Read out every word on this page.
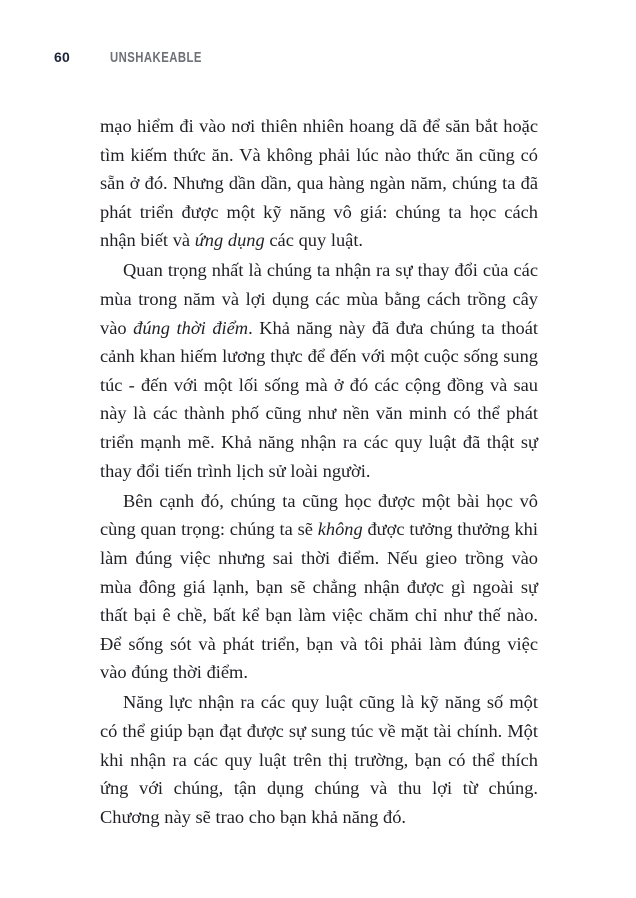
60	UNSHAKEABLE

mạo hiểm đi vào nơi thiên nhiên hoang dã để săn bắt hoặc tìm kiếm thức ăn. Và không phải lúc nào thức ăn cũng có sẵn ở đó. Nhưng dần dần, qua hàng ngàn năm, chúng ta đã phát triển được một kỹ năng vô giá: chúng ta học cách nhận biết và ứng dụng các quy luật.

Quan trọng nhất là chúng ta nhận ra sự thay đổi của các mùa trong năm và lợi dụng các mùa bằng cách trồng cây vào đúng thời điểm. Khả năng này đã đưa chúng ta thoát cảnh khan hiếm lương thực để đến với một cuộc sống sung túc - đến với một lối sống mà ở đó các cộng đồng và sau này là các thành phố cũng như nền văn minh có thể phát triển mạnh mẽ. Khả năng nhận ra các quy luật đã thật sự thay đổi tiến trình lịch sử loài người.

Bên cạnh đó, chúng ta cũng học được một bài học vô cùng quan trọng: chúng ta sẽ không được tưởng thưởng khi làm đúng việc nhưng sai thời điểm. Nếu gieo trồng vào mùa đông giá lạnh, bạn sẽ chẳng nhận được gì ngoài sự thất bại ê chề, bất kể bạn làm việc chăm chỉ như thế nào. Để sống sót và phát triển, bạn và tôi phải làm đúng việc vào đúng thời điểm.

Năng lực nhận ra các quy luật cũng là kỹ năng số một có thể giúp bạn đạt được sự sung túc về mặt tài chính. Một khi nhận ra các quy luật trên thị trường, bạn có thể thích ứng với chúng, tận dụng chúng và thu lợi từ chúng. Chương này sẽ trao cho bạn khả năng đó.
